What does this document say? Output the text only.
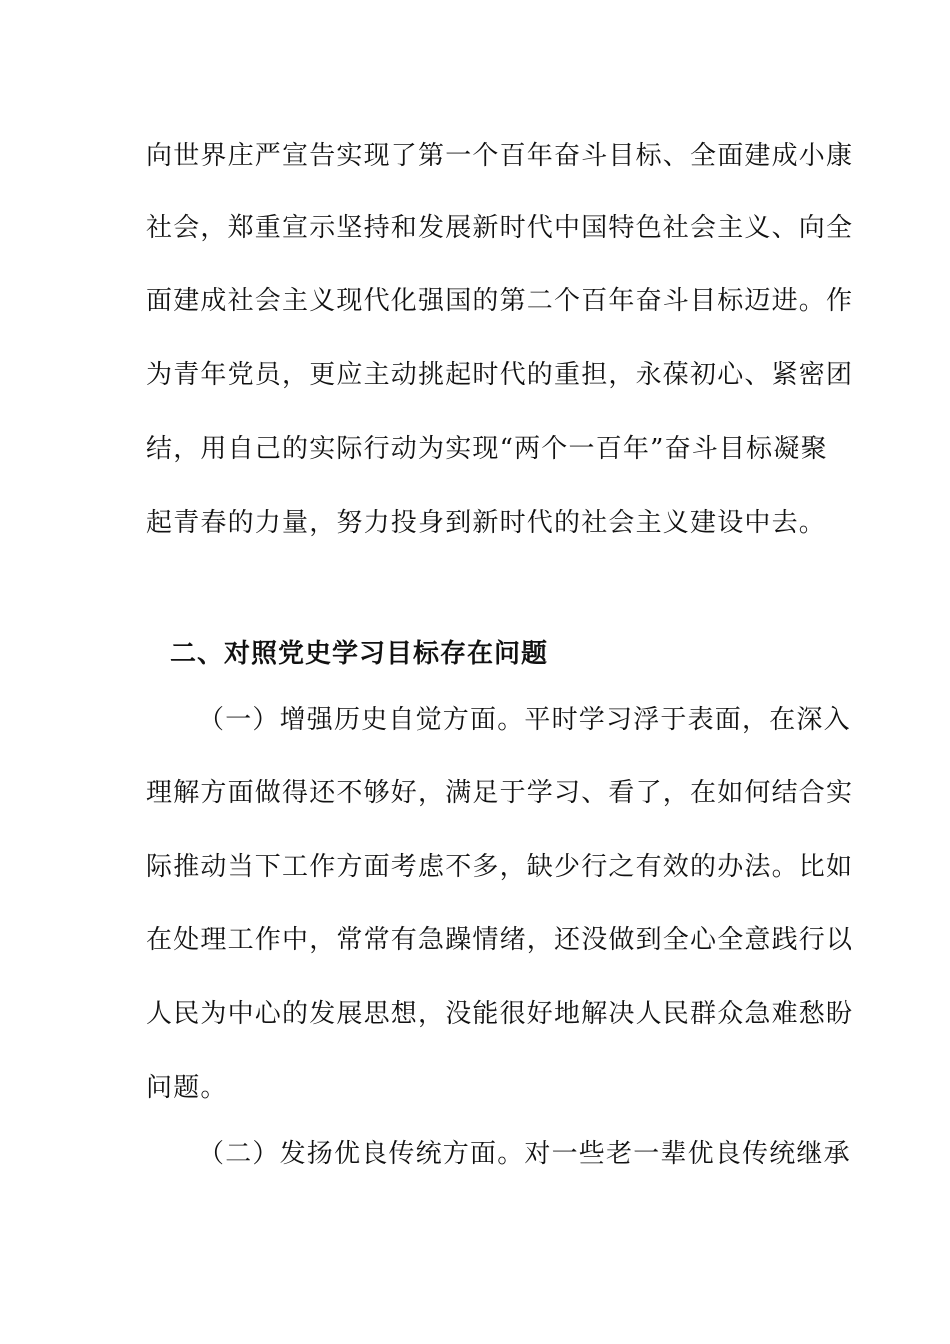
向世界庄严宣告实现了第一个百年奋斗目标、全面建成小康
社会，郑重宣示坚持和发展新时代中国特色社会主义、向全
面建成社会主义现代化强国的第二个百年奋斗目标迈进。作
为青年党员，更应主动挑起时代的重担，永葆初心、紧密团
结，用自己的实际行动为实现“两个一百年”奋斗目标凝聚
起青春的力量，努力投身到新时代的社会主义建设中去。
二、对照党史学习目标存在问题
（一）增强历史自觉方面。平时学习浮于表面，在深入
理解方面做得还不够好，满足于学习、看了，在如何结合实
际推动当下工作方面考虑不多，缺少行之有效的办法。比如
在处理工作中，常常有急躁情绪，还没做到全心全意践行以
人民为中心的发展思想，没能很好地解决人民群众急难愁盼
问题。
（二）发扬优良传统方面。对一些老一辈优良传统继承
